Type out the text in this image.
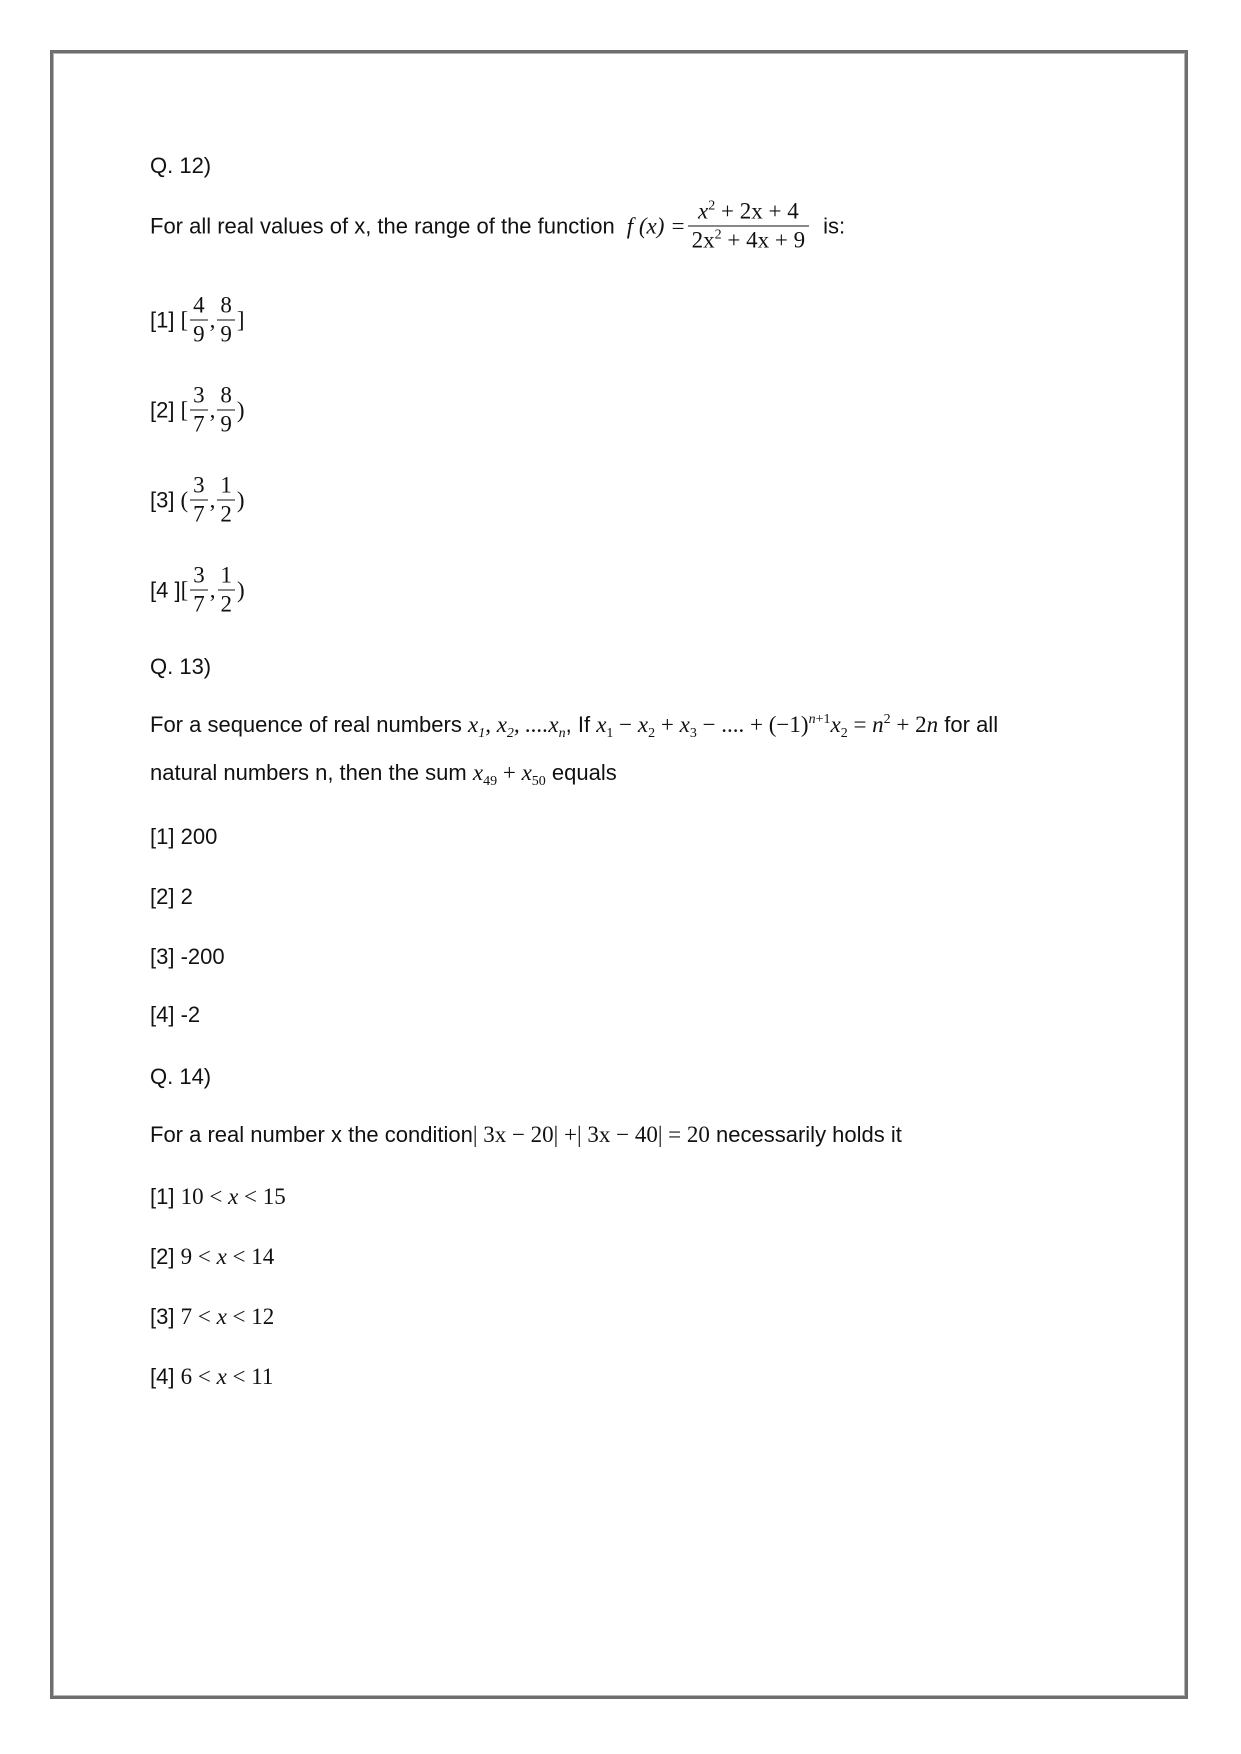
Q. 12)
For all real values of x, the range of the function f $(x) = \frac{x^2 + 2x + 4}{2x^2 + 4x + 9}$ is:
[1] [ $\frac{4}{9}$ , $\frac{8}{9}$ ]
[2] [ $\frac{3}{7}$ , $\frac{8}{9}$ )
[3] ( $\frac{3}{7}$ , $\frac{1}{2}$ )
[4 ] [ $\frac{3}{7}$ , $\frac{1}{2}$ )
Q. 13)
For a sequence of real numbers $x_1$, $x_2$, $....x_n$, If $x_1 - x_2 + x_3$ − .... + $(-1)^{n+1}x_2 = n^2 + 2n$ for all
natural numbers n, then the sum $x_{49} + x_{50}$ equals
[1] 200
[2] 2
[3] -200
[4] -2
Q. 14)
For a real number x the condition| 3x − 20| +| 3x − 40| = 20 necessarily holds it
[1] 10 < x < 15
[2] 9 < x < 14
[3] 7 < x < 12
[4] 6 < x < 11
